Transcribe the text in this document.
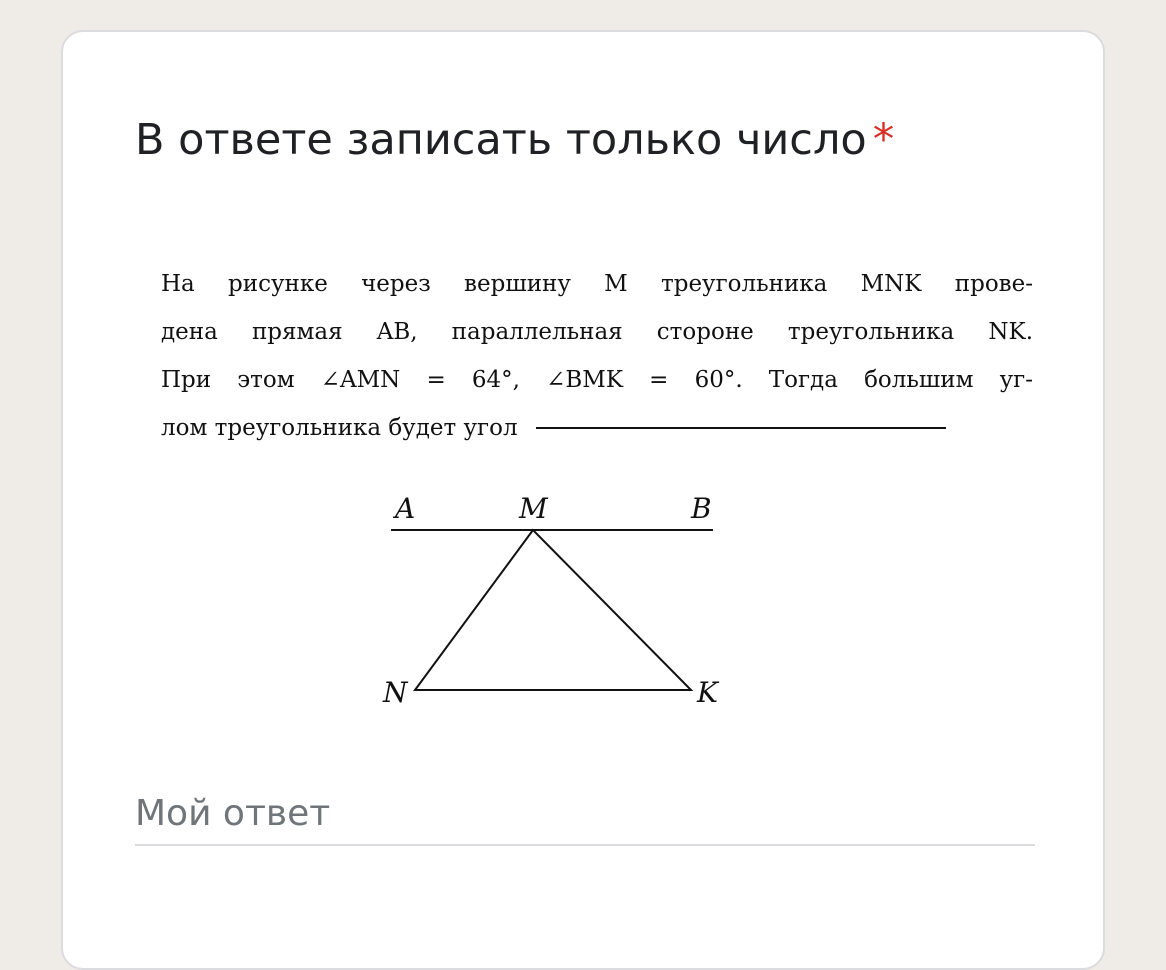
В ответе записать только число *
На рисунке через вершину M треугольника MNK прове-
дена прямая AB, параллельная стороне треугольника NK.
При этом ∠AMN = 64°, ∠BMK = 60°. Тогда большим уг-
лом треугольника будет угол
A	M	B
N	K
Мой ответ
